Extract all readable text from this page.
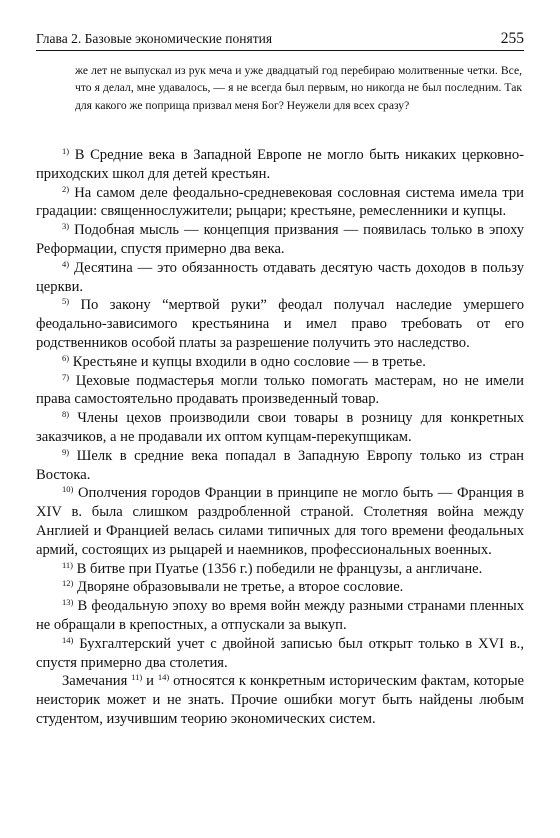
Глава 2. Базовые экономические понятия	255
же лет не выпускал из рук меча и уже двадцатый год перебираю молитвенные четки. Все, что я делал, мне удавалось, — я не всегда был первым, но никогда не был последним. Так для какого же поприща призвал меня Бог? Неужели для всех сразу?
$^{1)}$ В Средние века в Западной Европе не могло быть никаких церковно-приходских школ для детей крестьян.
$^{2)}$ На самом деле феодально-средневековая сословная система имела три градации: священнослужители; рыцари; крестьяне, ремесленники и купцы.
$^{3)}$ Подобная мысль — концепция призвания — появилась только в эпоху Реформации, спустя примерно два века.
$^{4)}$ Десятина — это обязанность отдавать десятую часть доходов в пользу церкви.
$^{5)}$ По закону “мертвой руки” феодал получал наследие умершего феодально-зависимого крестьянина и имел право требовать от его родственников особой платы за разрешение получить это наследство.
$^{6)}$ Крестьяне и купцы входили в одно сословие — в третье.
$^{7)}$ Цеховые подмастерья могли только помогать мастерам, но не имели права самостоятельно продавать произведенный товар.
$^{8)}$ Члены цехов производили свои товары в розницу для конкретных заказчиков, а не продавали их оптом купцам-перекупщикам.
$^{9)}$ Шелк в средние века попадал в Западную Европу только из стран Востока.
$^{10)}$ Ополчения городов Франции в принципе не могло быть — Франция в XIV в. была слишком раздробленной страной. Столетняя война между Англией и Францией велась силами типичных для того времени феодальных армий, состоящих из рыцарей и наемников, профессиональных военных.
$^{11)}$ В битве при Пуатье (1356 г.) победили не французы, а англичане.
$^{12)}$ Дворяне образовывали не третье, а второе сословие.
$^{13)}$ В феодальную эпоху во время войн между разными странами пленных не обращали в крепостных, а отпускали за выкуп.
$^{14)}$ Бухгалтерский учет с двойной записью был открыт только в XVI в., спустя примерно два столетия.
Замечания $^{11)}$ и $^{14)}$ относятся к конкретным историческим фактам, которые неисторик может и не знать. Прочие ошибки могут быть найдены любым студентом, изучившим теорию экономических систем.
